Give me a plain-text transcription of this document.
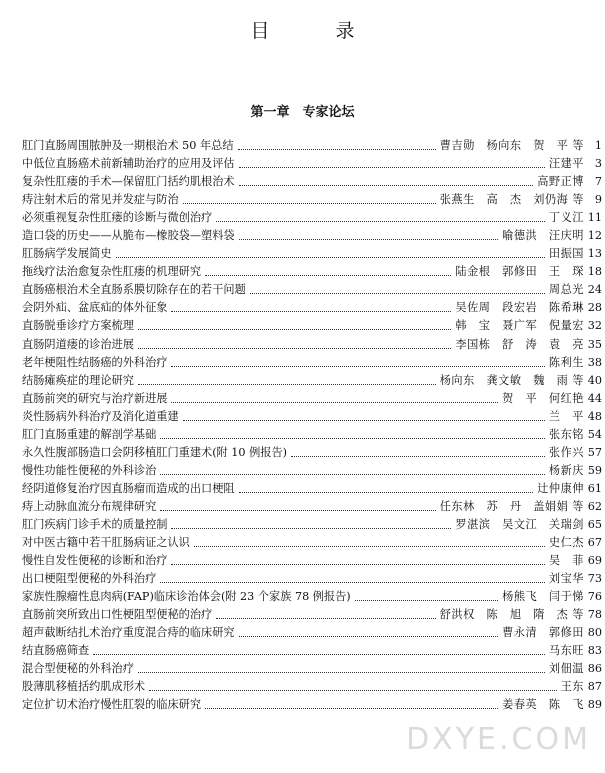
目 录
第一章　专家论坛
肛门直肠周围脓肿及一期根治术 50 年总结	曹吉勋　杨向东　贺　平 等 1
中低位直肠癌术前新辅助治疗的应用及评估	汪建平 3
复杂性肛瘘的手术—保留肛门括约肌根治术	高野正博 7
痔注射术后的常见并发症与防治	张燕生　高　杰　刘仍海 等 9
必须重视复杂性肛瘘的诊断与微创治疗	丁义江 11
造口袋的历史——从脆布—橡胶袋—塑料袋	喻德洪　汪庆明 12
肛肠病学发展简史	田振国 13
拖线疗法治愈复杂性肛瘘的机理研究	陆金根　郭修田　王　琛 18
直肠癌根治术全直肠系膜切除存在的若干问题	周总光 24
会阴外疝、盆底疝的体外征象	吴佐周　段宏岩　陈希琳 28
直肠脱垂诊疗方案梳理	韩　宝　聂广军　倪量宏 32
直肠阴道瘘的诊治进展	李国栋　舒　涛　袁　亮 35
老年梗阻性结肠癌的外科治疗	陈利生 38
结肠瘫痪症的理论研究	杨向东　龚文敏　魏　雨 等 40
直肠前突的研究与治疗新进展	贺　平　何红艳 44
炎性肠病外科治疗及消化道重建	兰　平 48
肛门直肠重建的解剖学基础	张东铭 54
永久性腹部肠造口会阴移植肛门重建术(附 10 例报告)	张作兴 57
慢性功能性便秘的外科诊治	杨新庆 59
经阴道修复治疗因直肠瘤而造成的出口梗阻	辻仲康伸 61
痔上动脉血流分布规律研究	任东林　苏　丹　盖娟娟 等 62
肛门疾病门诊手术的质量控制	罗湛滨　吴文江　关瑞剑 65
对中医古籍中若干肛肠病证之认识	史仁杰 67
慢性自发性便秘的诊断和治疗	吴　菲 69
出口梗阻型便秘的外科治疗	刘宝华 73
家族性腺瘤性息肉病(FAP)临床诊治体会(附 23 个家族 78 例报告)	杨熊飞　闫于悌 76
直肠前突所致出口性梗阻型便秘的治疗	舒洪权　陈　旭　隋　杰 等 78
超声截断结扎术治疗重度混合痔的临床研究	曹永清　郭修田 80
结直肠癌筛查	马东旺 83
混合型便秘的外科治疗	刘佃温 86
股薄肌移植括约肌成形术	王东 87
定位扩切术治疗慢性肛裂的临床研究	姜春英　陈　飞 89
DXYE.COM
